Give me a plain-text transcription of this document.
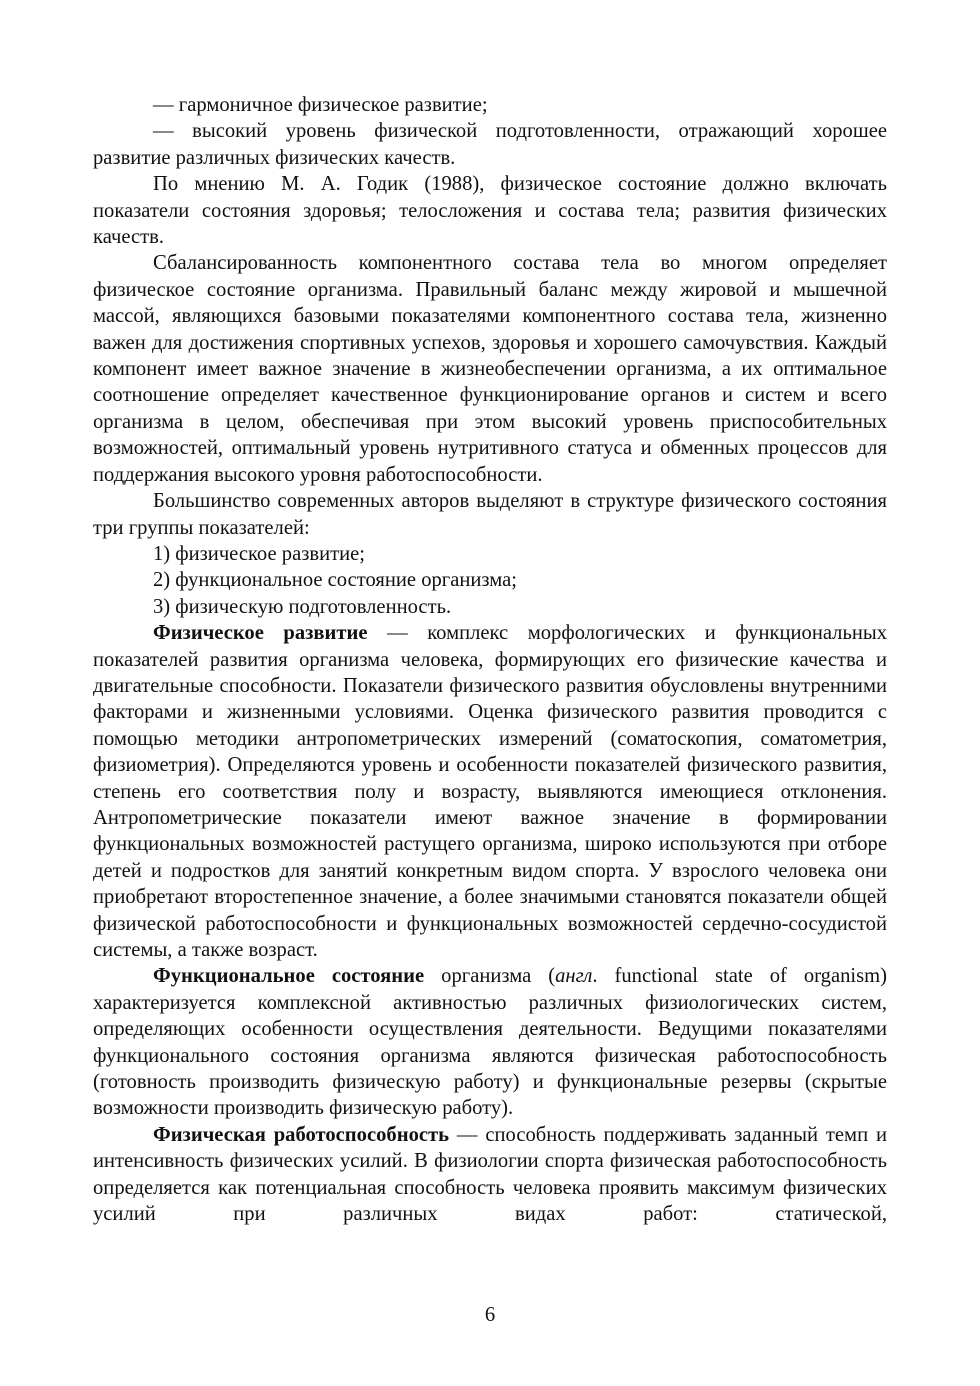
— гармоничное физическое развитие;

— высокий уровень физической подготовленности, отражающий хорошее развитие различных физических качеств.

По мнению М. А. Годик (1988), физическое состояние должно включать показатели состояния здоровья; телосложения и состава тела; развития физических качеств.

Сбалансированность компонентного состава тела во многом определяет физическое состояние организма. Правильный баланс между жировой и мышечной массой, являющихся базовыми показателями компонентного состава тела, жизненно важен для достижения спортивных успехов, здоровья и хорошего самочувствия. Каждый компонент имеет важное значение в жизнеобеспечении организма, а их оптимальное соотношение определяет качественное функционирование органов и систем и всего организма в целом, обеспечивая при этом высокий уровень приспособительных возможностей, оптимальный уровень нутритивного статуса и обменных процессов для поддержания высокого уровня работоспособности.

Большинство современных авторов выделяют в структуре физического состояния три группы показателей:

1) физическое развитие;

2) функциональное состояние организма;

3) физическую подготовленность.

Физическое развитие — комплекс морфологических и функциональных показателей развития организма человека, формирующих его физические качества и двигательные способности. Показатели физического развития обусловлены внутренними факторами и жизненными условиями. Оценка физического развития проводится с помощью методики антропометрических измерений (соматоскопия, соматометрия, физиометрия). Определяются уровень и особенности показателей физического развития, степень его соответствия полу и возрасту, выявляются имеющиеся отклонения. Антропометрические показатели имеют важное значение в формировании функциональных возможностей растущего организма, широко используются при отборе детей и подростков для занятий конкретным видом спорта. У взрослого человека они приобретают второстепенное значение, а более значимыми становятся показатели общей физической работоспособности и функциональных возможностей сердечно-сосудистой системы, а также возраст.

Функциональное состояние организма (англ. functional state of organism) характеризуется комплексной активностью различных физиологических систем, определяющих особенности осуществления деятельности. Ведущими показателями функционального состояния организма являются физическая работоспособность (готовность производить физическую работу) и функциональные резервы (скрытые возможности производить физическую работу).

Физическая работоспособность — способность поддерживать заданный темп и интенсивность физических усилий. В физиологии спорта физическая работоспособность определяется как потенциальная способность человека проявить максимум физических усилий при различных видах работ: статической,

6
